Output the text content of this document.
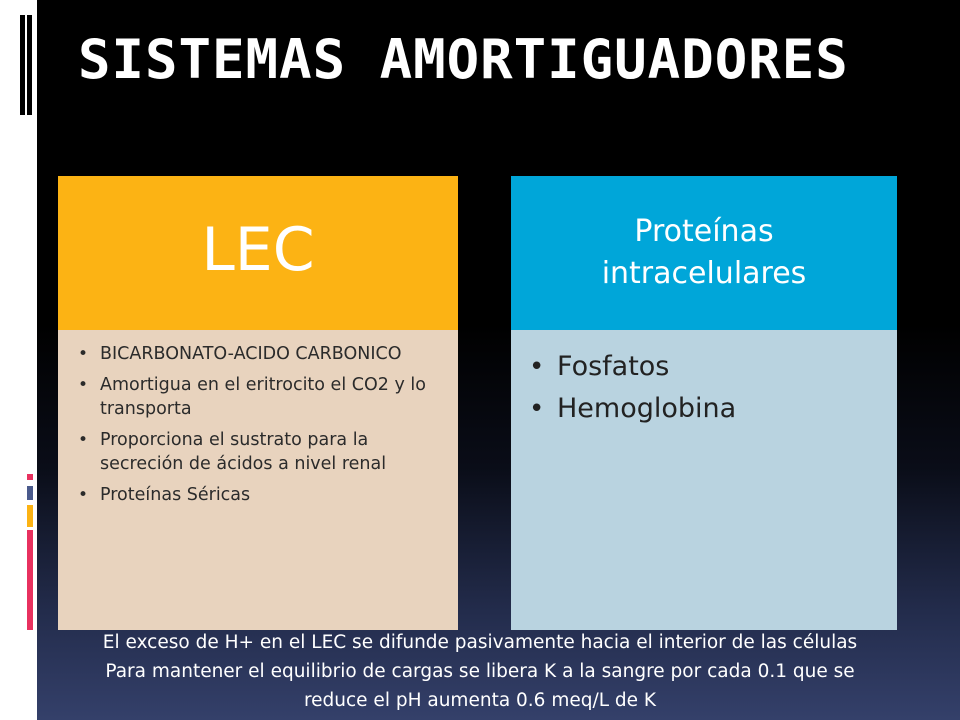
SISTEMAS AMORTIGUADORES
LEC
• BICARBONATO-ACIDO CARBONICO
• Amortigua en el eritrocito el CO2 y lo transporta
• Proporciona el sustrato para la secreción de ácidos a nivel renal
• Proteínas Séricas
Proteínas intracelulares
• Fosfatos
• Hemoglobina
El exceso de H+ en el LEC se difunde pasivamente hacia el interior de las células
Para mantener el equilibrio de cargas se libera K a la sangre por cada 0.1 que se
reduce el pH aumenta 0.6 meq/L de K
